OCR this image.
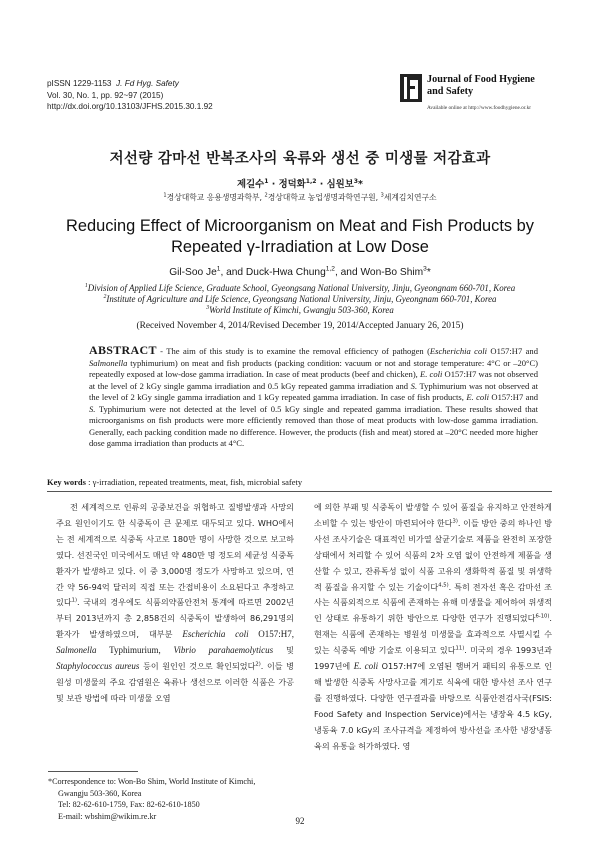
pISSN 1229-1153 J. Fd Hyg. Safety
Vol. 30, No. 1, pp. 92~97 (2015)
http://dx.doi.org/10.13103/JFHS.2015.30.1.92
Journal of Food Hygiene
and Safety
Available online at http://www.foodhygiene.or.kr
저선량 감마선 반복조사의 육류와 생선 중 미생물 저감효과
제길수$^1$ · 정덕화$^{1,2}$ · 심원보$^3$*
$^1$경상대학교 응용생명과학부, $^2$경상대학교 농업생명과학연구원, $^3$세계김치연구소
Reducing Effect of Microorganism on Meat and Fish Products by
Repeated γ-Irradiation at Low Dose
Gil-Soo Je$^1$, and Duck-Hwa Chung$^{1,2}$, and Won-Bo Shim$^3$*
$^1$Division of Applied Life Science, Graduate School, Gyeongsang National University, Jinju, Gyeongnam 660-701, Korea
$^2$Institute of Agriculture and Life Science, Gyeongsang National University, Jinju, Gyeongnam 660-701, Korea
$^3$World Institute of Kimchi, Gwangju 503-360, Korea
(Received November 4, 2014/Revised December 19, 2014/Accepted January 26, 2015)
ABSTRACT - The aim of this study is to examine the removal efficiency of pathogen (Escherichia coli O157:H7 and Salmonella typhimurium) on meat and fish products (packing condition: vacuum or not and storage temperature: 4°C or –20°C) repeatedly exposed at low-dose gamma irradiation. In case of meat products (beef and chicken), E. coli O157:H7 was not observed at the level of 2 kGy single gamma irradiation and 0.5 kGy repeated gamma irradiation and S. Typhimurium was not observed at the level of 2 kGy single gamma irradiation and 1 kGy repeated gamma irradiation. In case of fish products, E. coli O157:H7 and S. Typhimurium were not detected at the level of 0.5 kGy single and repeated gamma irradiation. These results showed that microorganisms on fish products were more efficiently removed than those of meat products with low-dose gamma irradiation. Generally, each packing condition made no difference. However, the products (fish and meat) stored at –20°C needed more higher dose gamma irradiation than products at 4°C.
Key words : γ-irradiation, repeated treatments, meat, fish, microbial safety

전 세계적으로 인류의 공중보건을 위협하고 질병발생과 사망의 주요 원인이기도 한 식중독이 큰 문제로 대두되고 있다. WHO에서는 전 세계적으로 식중독 사고로 180만 명이 사망한 것으로 보고하였다. 선진국인 미국에서도 매년 약 480만 명 정도의 세균성 식중독 환자가 발생하고 있다. 이 중 3,000명 정도가 사망하고 있으며, 연간 약 56-94억 달러의 직접 또는 간접비용이 소요된다고 추정하고 있다$^{1)}$. 국내의 경우에도 식품의약품안전처 통계에 따르면 2002년부터 2013년까지 총 2,858건의 식중독이 발생하여 86,291명의 환자가 발생하였으며, 대부분 Escherichia coli O157:H7, Salmonella Typhimurium, Vibrio parahaemolyticus 및 Staphylococcus aureus 등이 원인인 것으로 확인되었다$^{2)}$. 이들 병원성 미생물의 주요 감염원은 육류나 생선으로 이러한 식품은 가공 및 보관 방법에 따라 미생물 오염

에 의한 부패 및 식중독이 발생할 수 있어 품질을 유지하고 안전하게 소비할 수 있는 방안이 마련되어야 한다$^{3)}$. 이들 방안 중의 하나인 방사선 조사기술은 대표적인 비가열 살균기술로 제품을 완전히 포장한 상태에서 처리할 수 있어 식품의 2차 오염 없이 안전하게 제품을 생산할 수 있고, 잔류독성 없이 식품 고유의 생화학적 품질 및 위생학적 품질을 유지할 수 있는 기술이다$^{4,5)}$. 특히 전자선 혹은 감마선 조사는 식품외적으로 식품에 존재하는 유해 미생물을 제어하여 위생적인 상태로 유통하기 위한 방안으로 다양한 연구가 진행되었다$^{6-10)}$. 현재는 식품에 존재하는 병원성 미생물을 효과적으로 사멸시킬 수 있는 식중독 예방 기술로 이용되고 있다$^{11)}$. 미국의 경우 1993년과 1997년에 E. coli O157:H7에 오염된 햄버거 패티의 유통으로 인해 발생한 식중독 사망사고를 계기로 식육에 대한 방사선 조사 연구를 진행하였다. 다양한 연구결과를 바탕으로 식품안전검사국(FSIS: Food Safety and Inspection Service)에서는 냉장육 4.5 kGy, 냉동육 7.0 kGy의 조사규격을 제정하여 방사선을 조사한 냉장냉동육의 유통을 허가하였다. 영

*Correspondence to: Won-Bo Shim, World Institute of Kimchi,
Gwangju 503-360, Korea
Tel: 82-62-610-1759, Fax: 82-62-610-1850
E-mail: wbshim@wikim.re.kr	92
